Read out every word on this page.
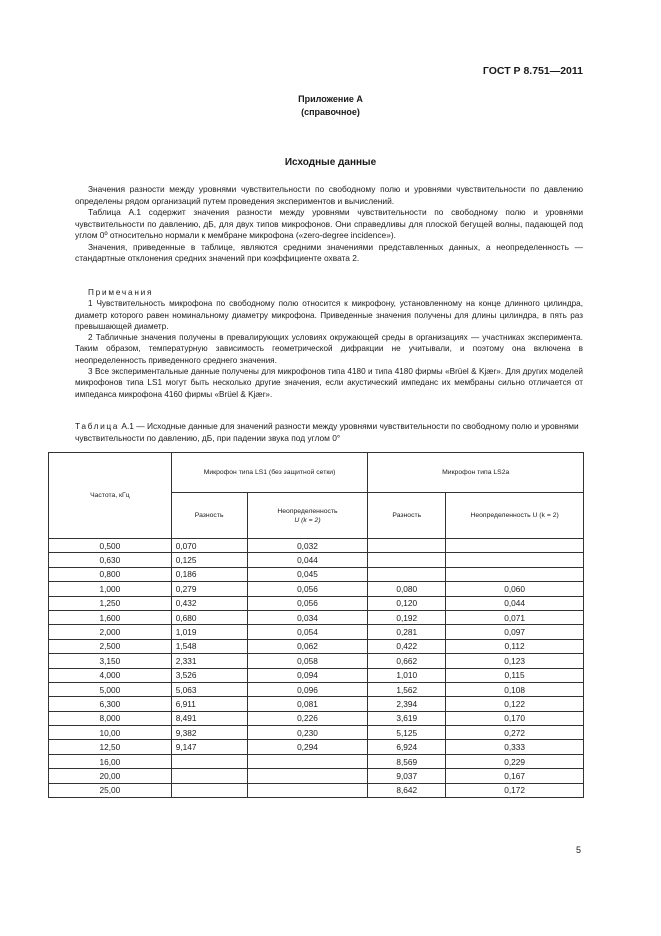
ГОСТ Р 8.751—2011
Приложение А
(справочное)
Исходные данные

Значения разности между уровнями чувствительности по свободному полю и уровнями чувствительности по давлению определены рядом организаций путем проведения экспериментов и вычислений.

Таблица А.1 содержит значения разности между уровнями чувствительности по свободному полю и уровнями чувствительности по давлению, дБ, для двух типов микрофонов. Они справедливы для плоской бегущей волны, падающей под углом 0º относительно нормали к мембране микрофона («zero-degree incidence»).

Значения, приведенные в таблице, являются средними значениями представленных данных, а неопределенность — стандартные отклонения средних значений при коэффициенте охвата 2.

Примечания

1 Чувствительность микрофона по свободному полю относится к микрофону, установленному на конце длинного цилиндра, диаметр которого равен номинальному диаметру микрофона. Приведенные значения получены для длины цилиндра, в пять раз превышающей диаметр.

2 Табличные значения получены в превалирующих условиях окружающей среды в организациях — участниках эксперимента. Таким образом, температурную зависимость геометрической дифракции не учитывали, и поэтому она включена в неопределенность приведенного среднего значения.

3 Все экспериментальные данные получены для микрофонов типа 4180 и типа 4180 фирмы «Brüel & Kjær». Для других моделей микрофонов типа LS1 могут быть несколько другие значения, если акустический импеданс их мембраны сильно отличается от импеданса микрофона 4160 фирмы «Brüel & Kjær».

Таблица А.1 — Исходные данные для значений разности между уровнями чувствительности по свободному полю и уровнями чувствительности по давлению, дБ, при падении звука под углом 0°
Частота, кГц	Микрофон типа LS1 (без защитной сетки)		Микрофон типа LS2a	
	Разность	Неопределенность
U (k = 2)	Разность	Неопределенность U (k = 2)
0,500	0,070	0,032		
0,630	0,125	0,044		
0,800	0,186	0,045		
1,000	0,279	0,056	0,080	0,060
1,250	0,432	0,056	0,120	0,044
1,600	0,680	0,034	0,192	0,071
2,000	1,019	0,054	0,281	0,097
2,500	1,548	0,062	0,422	0,112
3,150	2,331	0,058	0,662	0,123
4,000	3,526	0,094	1,010	0,115
5,000	5,063	0,096	1,562	0,108
6,300	6,911	0,081	2,394	0,122
8,000	8,491	0,226	3,619	0,170
10,00	9,382	0,230	5,125	0,272
12,50	9,147	0,294	6,924	0,333
16,00			8,569	0,229
20,00			9,037	0,167
25,00			8,642	0,172
5
